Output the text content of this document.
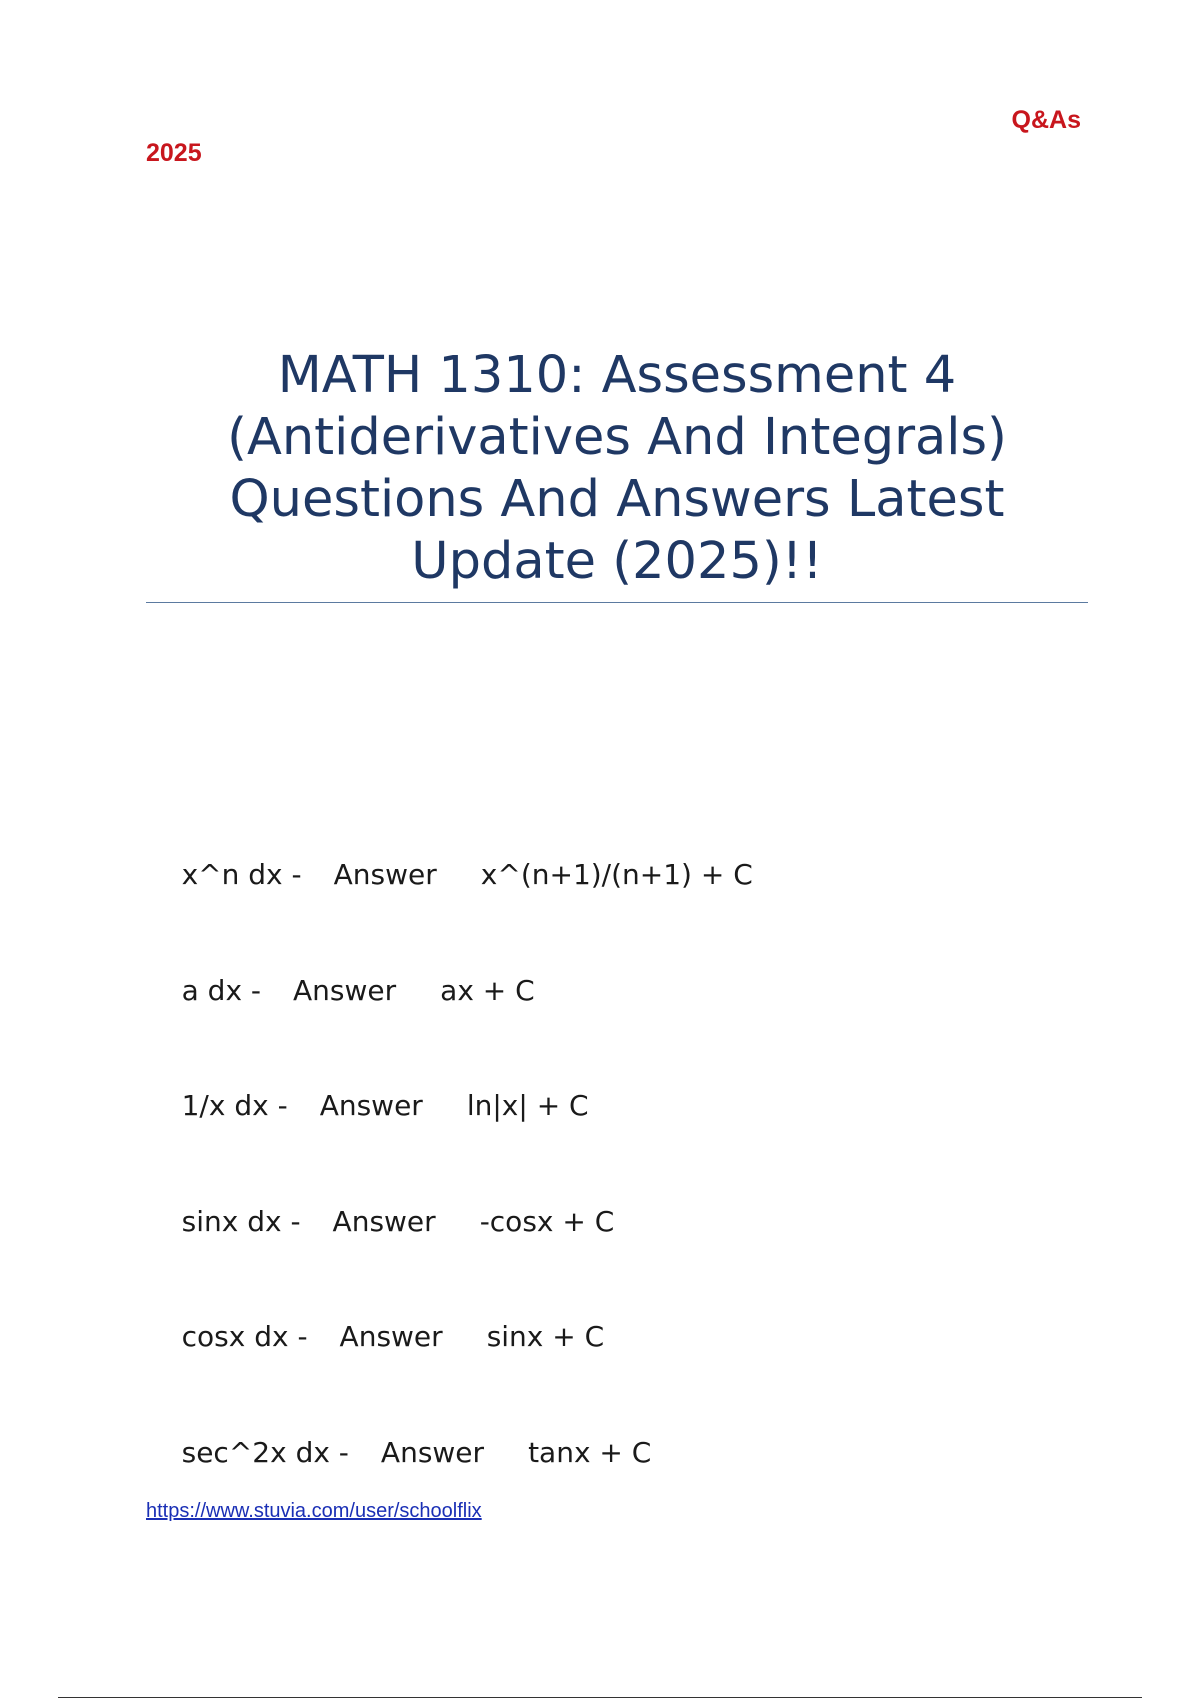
Q&As
2025
MATH 1310: Assessment 4 (Antiderivatives And Integrals) Questions And Answers Latest Update (2025)!!

x^n dx - Answer x^(n+1)/(n+1) + C

a dx - Answer ax + C

1/x dx - Answer ln|x| + C

sinx dx - Answer -cosx + C

cosx dx - Answer sinx + C

sec^2x dx - Answer tanx + C

https://www.stuvia.com/user/schoolflix
